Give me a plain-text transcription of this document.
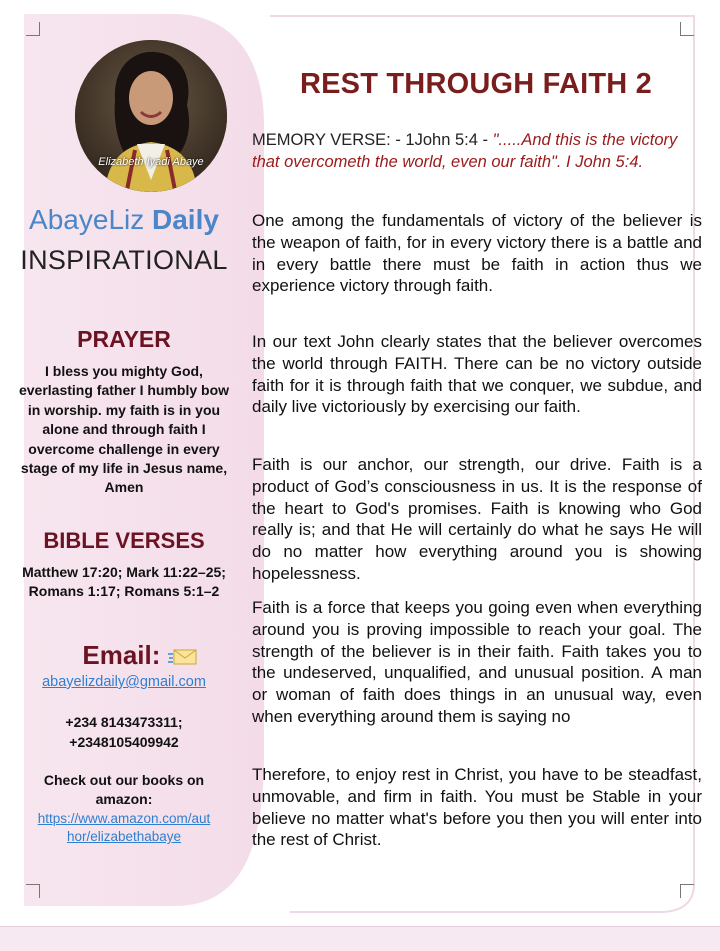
Elizabeth Iyadi Abaye
AbayeLiz Daily
INSPIRATIONAL
PRAYER
I bless you mighty God, everlasting father I humbly bow in worship. my faith is in you alone and through faith I overcome challenge in every stage of my life in Jesus name, Amen
BIBLE VERSES
Matthew 17:20; Mark 11:22–25; Romans 1:17; Romans 5:1–2
Email:
abayelizdaily@gmail.com
+234 8143473311;
+2348105409942
Check out our books on amazon:
https://www.amazon.com/aut
hor/elizabethabaye
REST THROUGH FAITH 2
MEMORY VERSE: - 1John 5:4 - ".....And this is the victory that overcometh the world, even our faith". I John 5:4.
One among the fundamentals of victory of the believer is the weapon of faith, for in every victory there is a battle and in every battle there must be faith in action thus we experience victory through faith.
In our text John clearly states that the believer overcomes the world through FAITH. There can be no victory outside faith for it is through faith that we conquer, we subdue, and daily live victoriously by exercising our faith.
Faith is our anchor, our strength, our drive. Faith is a product of God’s consciousness in us. It is the response of the heart to God's promises. Faith is knowing who God really is; and that He will certainly do what he says He will do no matter how everything around you is showing hopelessness.
Faith is a force that keeps you going even when everything around you is proving impossible to reach your goal. The strength of the believer is in their faith. Faith takes you to the undeserved, unqualified, and unusual position. A man or woman of faith does things in an unusual way, even when everything around them is saying no
Therefore, to enjoy rest in Christ, you have to be steadfast, unmovable, and firm in faith. You must be Stable in your believe no matter what's before you then you will enter into the rest of Christ.
